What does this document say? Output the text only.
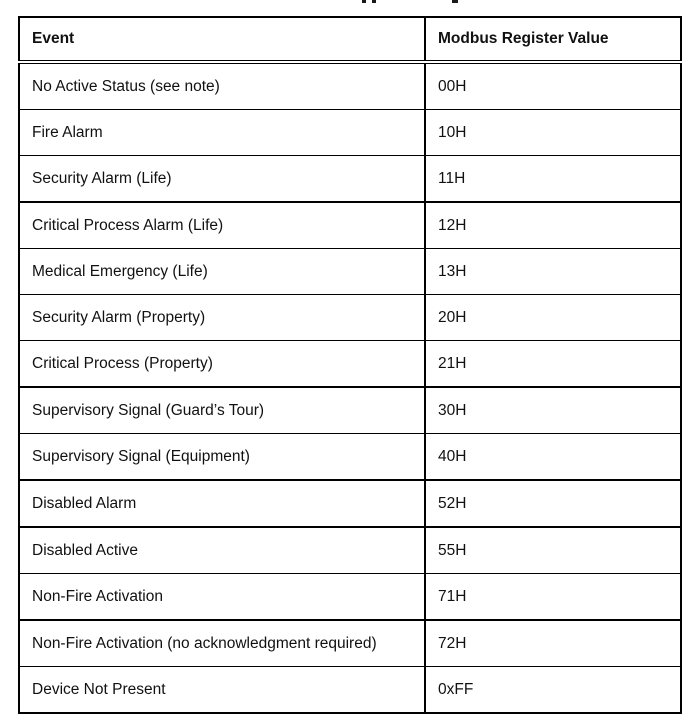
Event	Modbus Register Value
No Active Status (see note)	00H
Fire Alarm	10H
Security Alarm (Life)	11H
Critical Process Alarm (Life)	12H
Medical Emergency (Life)	13H
Security Alarm (Property)	20H
Critical Process (Property)	21H
Supervisory Signal (Guard’s Tour)	30H
Supervisory Signal (Equipment)	40H
Disabled Alarm	52H
Disabled Active	55H
Non-Fire Activation	71H
Non-Fire Activation (no acknowledgment required)	72H
Device Not Present	0xFF
